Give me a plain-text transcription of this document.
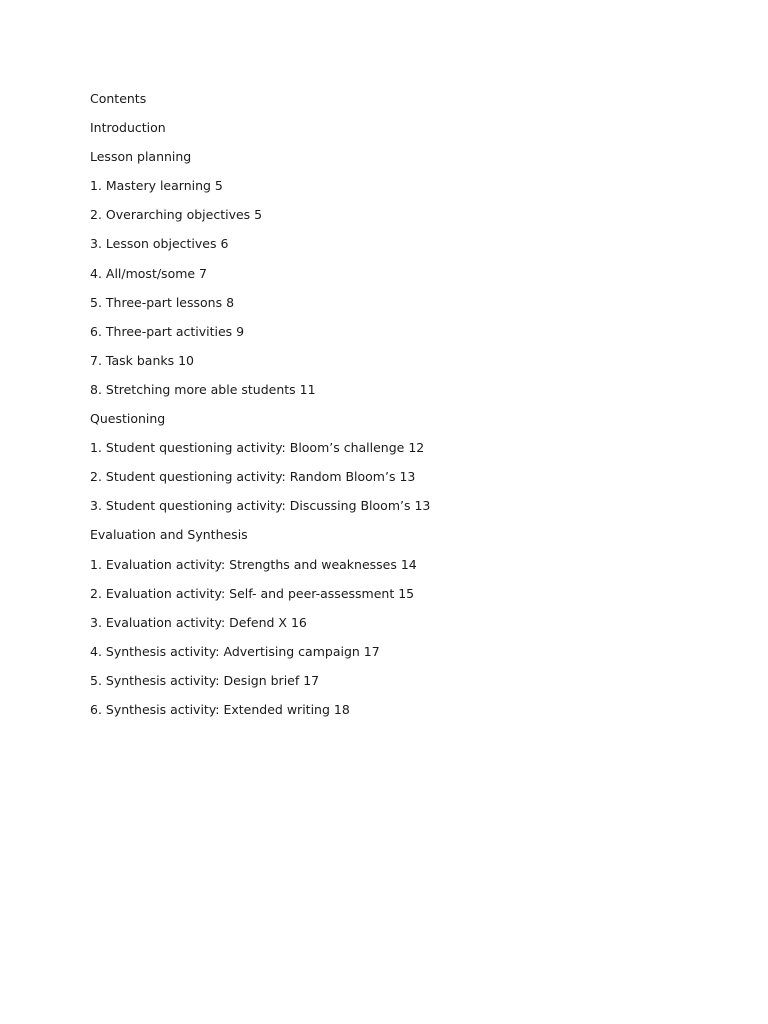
Contents
Introduction
Lesson planning
1. Mastery learning 5
2. Overarching objectives 5
3. Lesson objectives 6
4. All/most/some 7
5. Three-part lessons 8
6. Three-part activities 9
7. Task banks 10
8. Stretching more able students 11
Questioning
1. Student questioning activity: Bloom’s challenge 12
2. Student questioning activity: Random Bloom’s 13
3. Student questioning activity: Discussing Bloom’s 13
Evaluation and Synthesis
1. Evaluation activity: Strengths and weaknesses 14
2. Evaluation activity: Self- and peer-assessment 15
3. Evaluation activity: Defend X 16
4. Synthesis activity: Advertising campaign 17
5. Synthesis activity: Design brief 17
6. Synthesis activity: Extended writing 18
